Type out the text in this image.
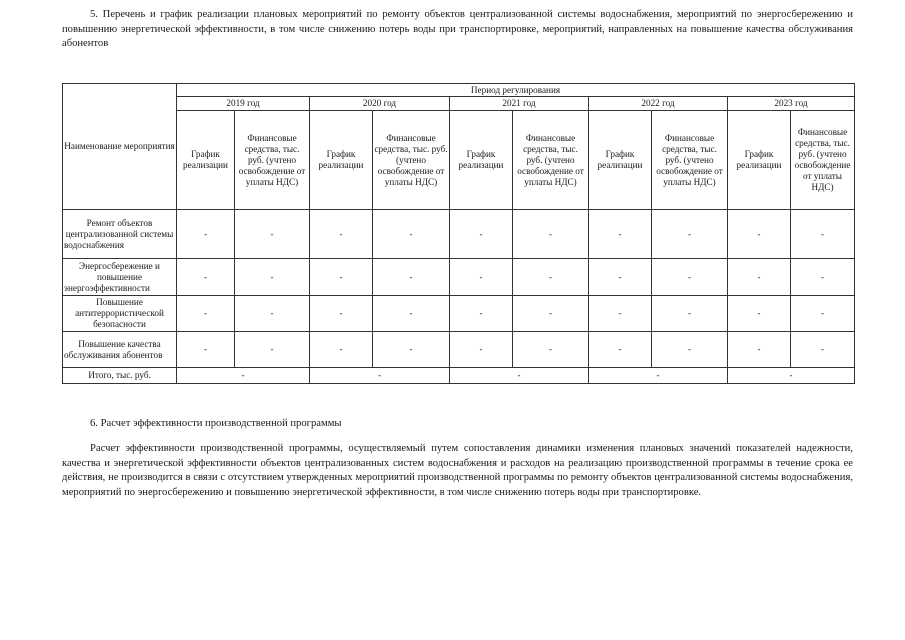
5. Перечень и график реализации плановых мероприятий по ремонту объектов централизованной системы водоснабжения, мероприятий по энергосбережению и повышению энергетической эффективности, в том числе снижению потерь воды при транспортировке, мероприятий, направленных на повышение качества обслуживания абонентов

Наименование мероприятия	Период регулирования									
	2019 год		2020 год		2021 год		2022 год		2023 год	
	График реализации	Финансовые средства, тыс. руб. (учтено освобождение от уплаты НДС)	График реализации	Финансовые средства, тыс. руб. (учтено освобождение от уплаты НДС)	График реализации	Финансовые средства, тыс. руб. (учтено освобождение от уплаты НДС)	График реализации	Финансовые средства, тыс. руб. (учтено освобождение от уплаты НДС)	График реализации	Финансовые средства, тыс. руб. (учтено освобождение от уплаты НДС)
Ремонт объектов централизованной системы водоснабжения	-	-	-	-	-	-	-	-	-	-
Энергосбережение и повышение энергоэффективности	-	-	-	-	-	-	-	-	-	-
Повышение антитеррористической безопасности	-	-	-	-	-	-	-	-	-	-
Повышение качества обслуживания абонентов	-	-	-	-	-	-	-	-	-	-
Итого, тыс. руб.	-		-		-		-		-	
6. Расчет эффективности производственной программы

Расчет эффективности производственной программы, осуществляемый путем сопоставления динамики изменения плановых значений показателей надежности, качества и энергетической эффективности объектов централизованных систем водоснабжения и расходов на реализацию производственной программы в течение срока ее действия, не производится в связи с отсутствием утвержденных мероприятий производственной программы по ремонту объектов централизованной системы водоснабжения, мероприятий по энергосбережению и повышению энергетической эффективности, в том числе снижению потерь воды при транспортировке.
